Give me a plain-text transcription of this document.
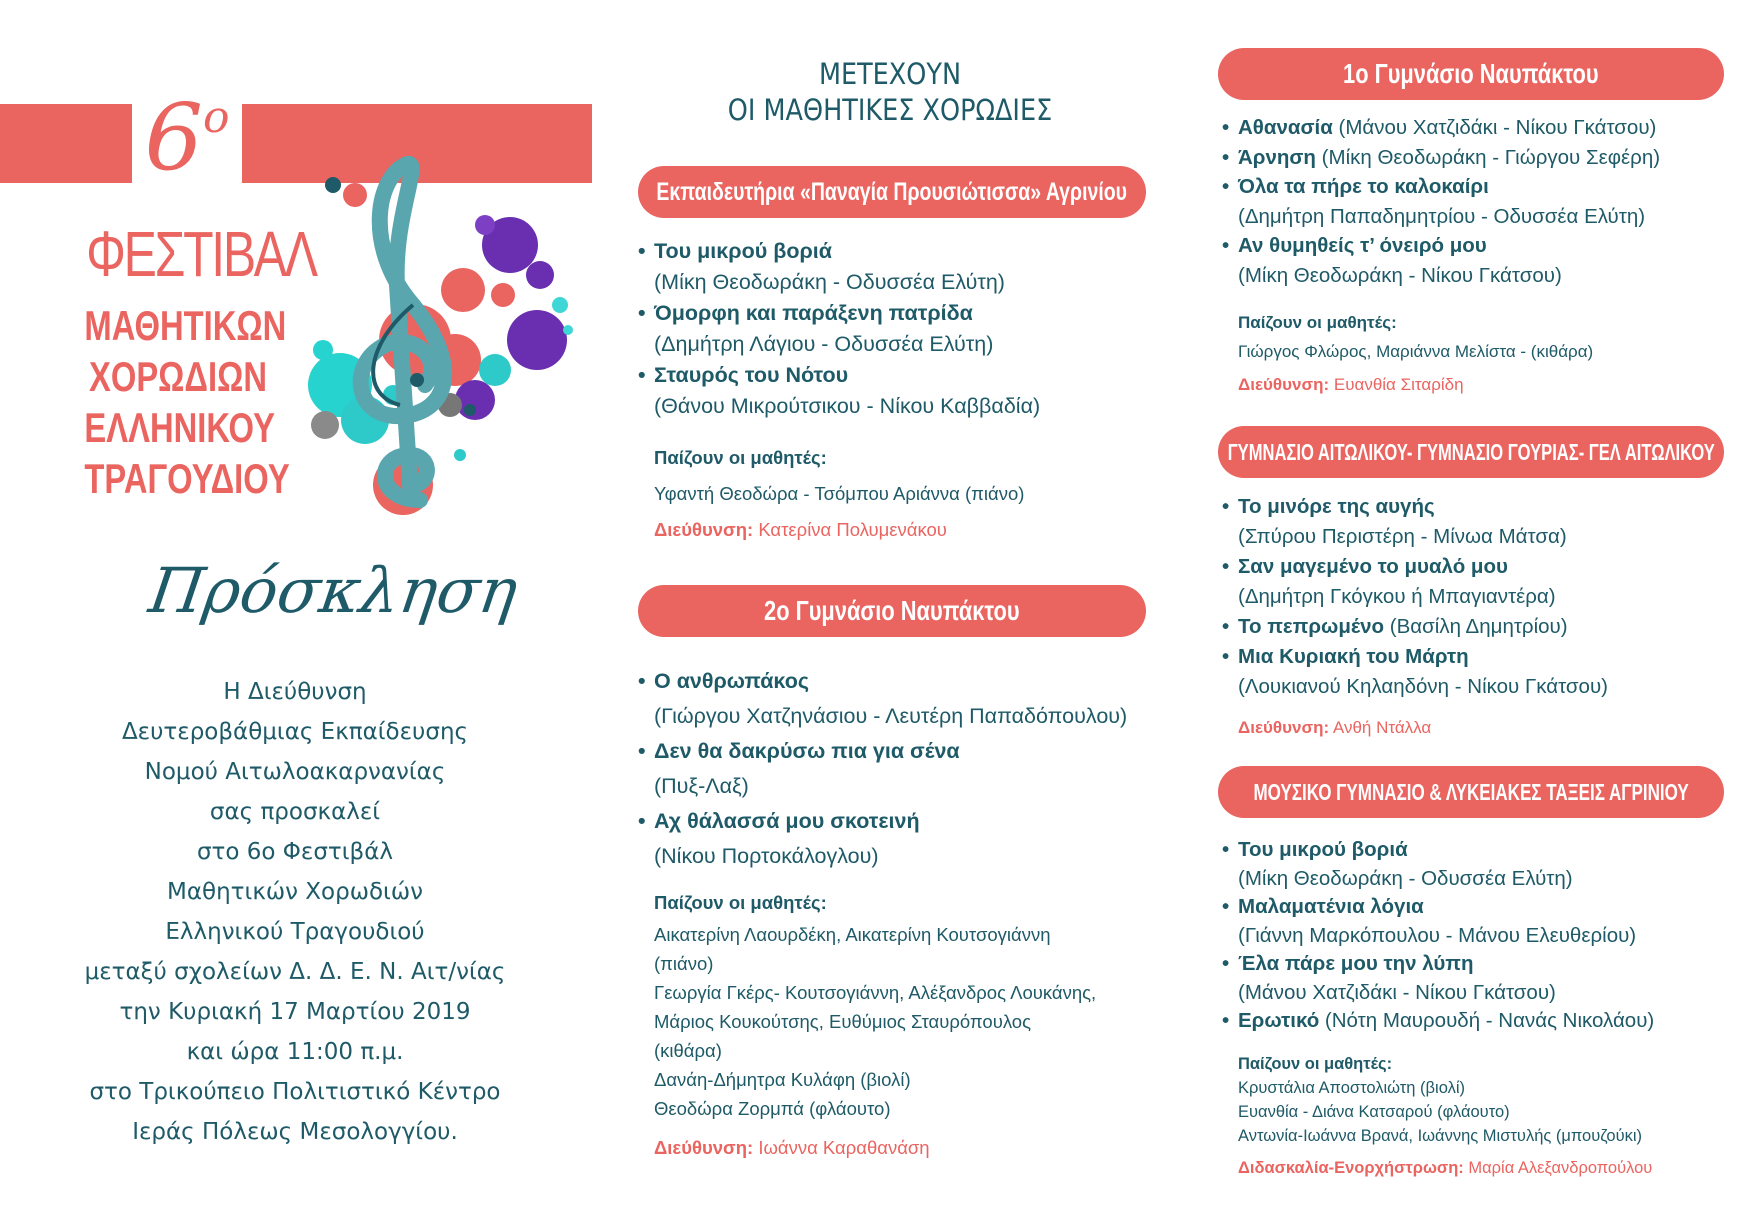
$6^o$
ΦΕΣΤΙΒΑΛ
ΜΑΘΗΤΙΚΩΝ
ΧΟΡΩΔΙΩΝ
ΕΛΛΗΝΙΚΟΥ
ΤΡΑΓΟΥΔΙΟΥ
Πρόσκληση
Η Διεύθυνση
Δευτεροβάθμιας Εκπαίδευσης
Νομού Αιτωλοακαρνανίας
σας προσκαλεί
στο 6ο Φεστιβάλ
Μαθητικών Χορωδιών
Ελληνικού Τραγουδιού
μεταξύ σχολείων Δ. Δ. Ε. Ν. Αιτ/νίας
την Κυριακή 17 Μαρτίου 2019
και ώρα 11:00 π.μ.
στο Τρικούπειο Πολιτιστικό Κέντρο
Ιεράς Πόλεως Μεσολογγίου.
ΜΕΤΕΧΟΥΝ
ΟΙ ΜΑΘΗΤΙΚΕΣ ΧΟΡΩΔΙΕΣ
Εκπαιδευτήρια «Παναγία Προυσιώτισσα» Αγρινίου
• Του μικρού βοριά
(Μίκη Θεοδωράκη - Οδυσσέα Ελύτη)
• Όμορφη και παράξενη πατρίδα
(Δημήτρη Λάγιου - Οδυσσέα Ελύτη)
• Σταυρός του Νότου
(Θάνου Μικρούτσικου - Νίκου Καββαδία)
Παίζουν οι μαθητές:
Υφαντή Θεοδώρα - Τσόμπου Αριάννα (πιάνο)
Διεύθυνση: Κατερίνα Πολυμενάκου
2ο Γυμνάσιο Ναυπάκτου
• Ο ανθρωπάκος
(Γιώργου Χατζηνάσιου - Λευτέρη Παπαδόπουλου)
• Δεν θα δακρύσω πια για σένα
(Πυξ-Λαξ)
• Αχ θάλασσά μου σκοτεινή
(Νίκου Πορτοκάλογλου)
Παίζουν οι μαθητές:
Αικατερίνη Λαουρδέκη, Αικατερίνη Κουτσογιάννη
(πιάνο)
Γεωργία Γκέρς- Κουτσογιάννη, Αλέξανδρος Λουκάνης,
Μάριος Κουκούτσης, Ευθύμιος Σταυρόπουλος
(κιθάρα)
Δανάη-Δήμητρα Κυλάφη (βιολί)
Θεοδώρα Ζορμπά (φλάουτο)
Διεύθυνση: Ιωάννα Καραθανάση
1ο Γυμνάσιο Ναυπάκτου
• Αθανασία (Μάνου Χατζιδάκι - Νίκου Γκάτσου)
• Άρνηση (Μίκη Θεοδωράκη - Γιώργου Σεφέρη)
• Όλα τα πήρε το καλοκαίρι
(Δημήτρη Παπαδημητρίου - Οδυσσέα Ελύτη)
• Αν θυμηθείς τ’ όνειρό μου
(Μίκη Θεοδωράκη - Νίκου Γκάτσου)
Παίζουν οι μαθητές:
Γιώργος Φλώρος, Μαριάννα Μελίστα - (κιθάρα)
Διεύθυνση: Ευανθία Σιταρίδη
ΓΥΜΝΑΣΙΟ ΑΙΤΩΛΙΚΟΥ- ΓΥΜΝΑΣΙΟ ΓΟΥΡΙΑΣ- ΓΕΛ ΑΙΤΩΛΙΚΟΥ
• Το μινόρε της αυγής
(Σπύρου Περιστέρη - Μίνωα Μάτσα)
• Σαν μαγεμένο το μυαλό μου
(Δημήτρη Γκόγκου ή Μπαγιαντέρα)
• Το πεπρωμένο (Βασίλη Δημητρίου)
• Μια Κυριακή του Μάρτη
(Λουκιανού Κηλαηδόνη - Νίκου Γκάτσου)
Διεύθυνση: Ανθή Ντάλλα
ΜΟΥΣΙΚΟ ΓΥΜΝΑΣΙΟ & ΛΥΚΕΙΑΚΕΣ ΤΑΞΕΙΣ ΑΓΡΙΝΙΟΥ
• Του μικρού βοριά
(Μίκη Θεοδωράκη - Οδυσσέα Ελύτη)
• Μαλαματένια λόγια
(Γιάννη Μαρκόπουλου - Μάνου Ελευθερίου)
• Έλα πάρε μου την λύπη
(Μάνου Χατζιδάκι - Νίκου Γκάτσου)
• Ερωτικό (Νότη Μαυρουδή - Νανάς Νικολάου)
Παίζουν οι μαθητές:
Κρυστάλια Αποστολιώτη (βιολί)
Ευανθία - Διάνα Κατσαρού (φλάουτο)
Αντωνία-Ιωάννα Βρανά, Ιωάννης Μιστυλής (μπουζούκι)
Διδασκαλία-Ενορχήστρωση: Μαρία Αλεξανδροπούλου
